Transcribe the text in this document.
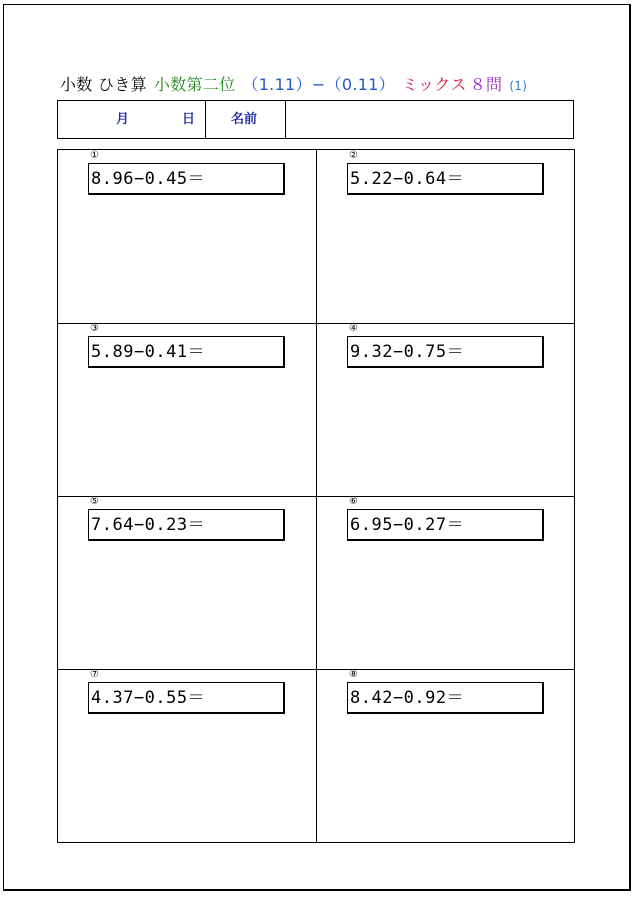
小数 ひき算 小数第二位 （1.11）−（0.11） ミックス ８問 (1)
月	日	名前
①
8.96−0.45＝
②
5.22−0.64＝
③
5.89−0.41＝
④
9.32−0.75＝
⑤
7.64−0.23＝
⑥
6.95−0.27＝
⑦
4.37−0.55＝
⑧
8.42−0.92＝
